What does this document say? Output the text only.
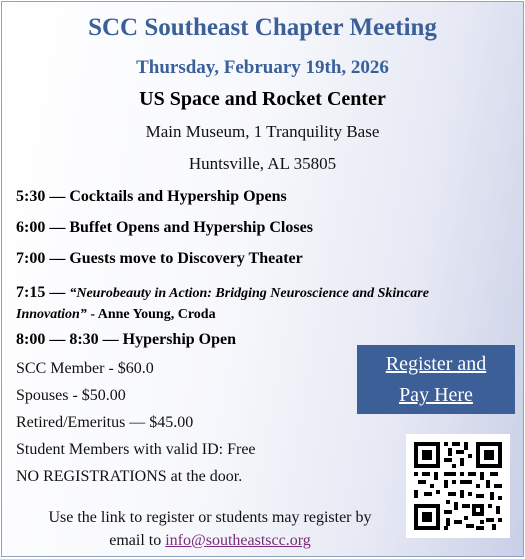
SCC Southeast Chapter Meeting
Thursday, February 19th, 2026
US Space and Rocket Center
Main Museum, 1 Tranquility Base
Huntsville, AL 35805
5:30 — Cocktails and Hypership Opens
6:00 — Buffet Opens and Hypership Closes
7:00 — Guests move to Discovery Theater
7:15 — “Neurobeauty in Action: Bridging Neuroscience and Skincare Innovation” - Anne Young, Croda
8:00 — 8:30 — Hypership Open
SCC Member - $60.0
Spouses - $50.00
Retired/Emeritus — $45.00
Student Members with valid ID: Free
NO REGISTRATIONS at the door.
Register and
Pay Here
Use the link to register or students may register by
email to info@southeastscc.org
